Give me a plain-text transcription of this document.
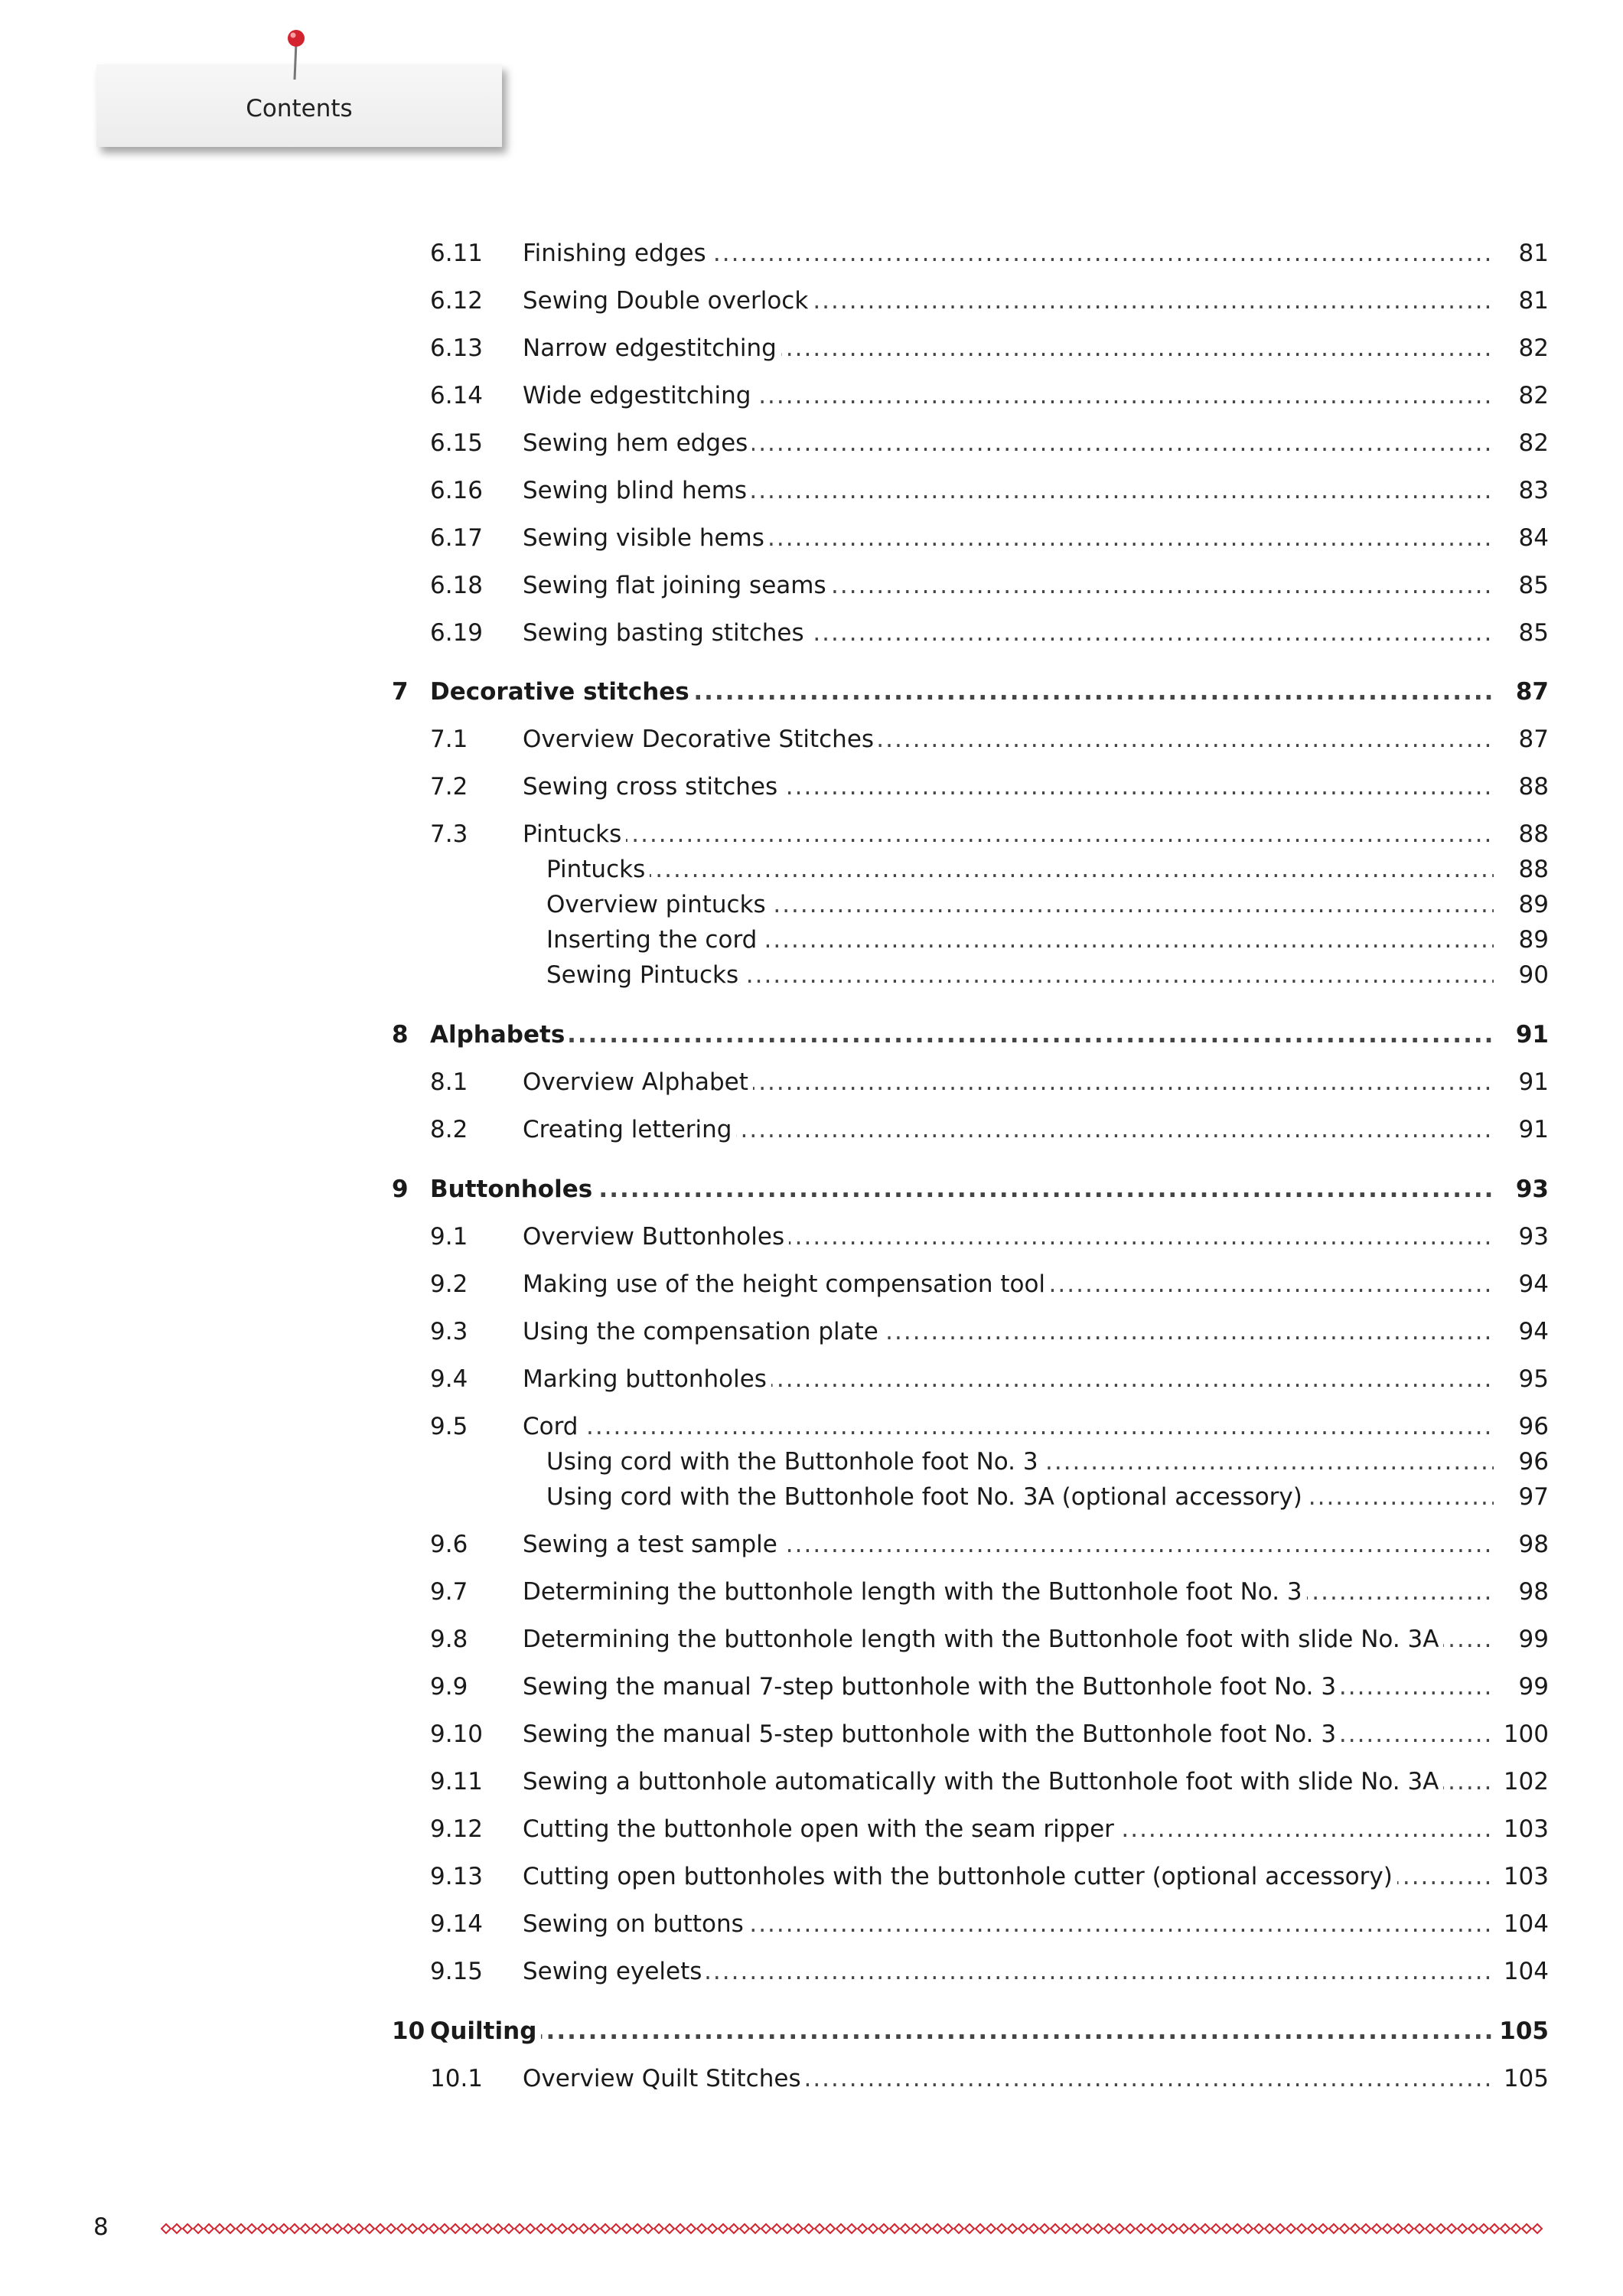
Contents
6.11 Finishing edges .....	81
6.12 Sewing Double overlock .....	81
6.13 Narrow edgestitching .....	82
6.14 Wide edgestitching .....	82
6.15 Sewing hem edges .....	82
6.16 Sewing blind hems .....	83
6.17 Sewing visible hems .....	84
6.18 Sewing flat joining seams .....	85
6.19 Sewing basting stitches .....	85
7 Decorative stitches .....	87
7.1 Overview Decorative Stitches .....	87
7.2 Sewing cross stitches .....	88
7.3 Pintucks .....	88
Pintucks .....	88
Overview pintucks .....	89
Inserting the cord .....	89
Sewing Pintucks .....	90
8 Alphabets .....	91
8.1 Overview Alphabet .....	91
8.2 Creating lettering .....	91
9 Buttonholes .....	93
9.1 Overview Buttonholes .....	93
9.2 Making use of the height compensation tool .....	94
9.3 Using the compensation plate .....	94
9.4 Marking buttonholes .....	95
9.5 Cord .....	96
Using cord with the Buttonhole foot No. 3 .....	96
Using cord with the Buttonhole foot No. 3A (optional accessory) .....	97
9.6 Sewing a test sample .....	98
9.7 Determining the buttonhole length with the Buttonhole foot No. 3 .....	98
9.8 Determining the buttonhole length with the Buttonhole foot with slide No. 3A .....	99
9.9 Sewing the manual 7-step buttonhole with the Buttonhole foot No. 3 .....	99
9.10 Sewing the manual 5-step buttonhole with the Buttonhole foot No. 3 .....	100
9.11 Sewing a buttonhole automatically with the Buttonhole foot with slide No. 3A .....	102
9.12 Cutting the buttonhole open with the seam ripper .....	103
9.13 Cutting open buttonholes with the buttonhole cutter (optional accessory) .....	103
9.14 Sewing on buttons .....	104
9.15 Sewing eyelets .....	104
10 Quilting .....	105
10.1 Overview Quilt Stitches .....	105
8
